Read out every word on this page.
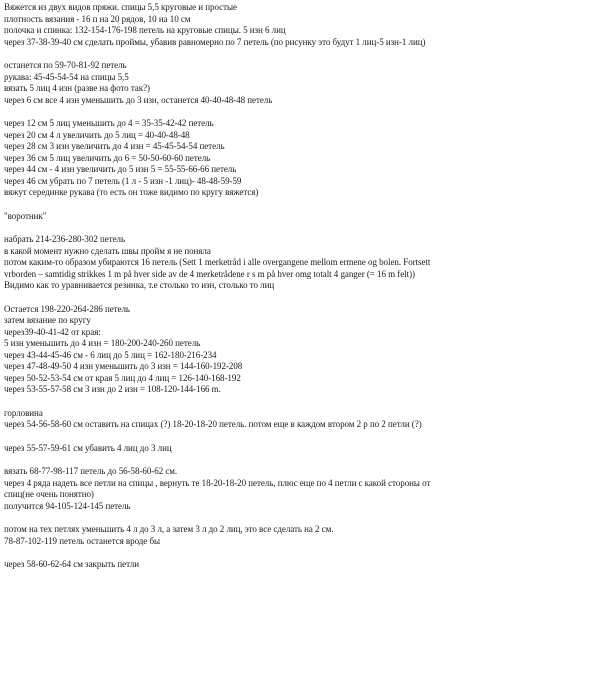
Вяжется из двух видов пряжи. спицы 5,5 круговые и простые
плотность вязания - 16 п на 20 рядов, 10 на 10 см
полочка и спинка: 132-154-176-198 петель на круговые спицы. 5 изн 6 лиц
через 37-38-39-40 см сделать проймы, убавив равномерно по 7 петель (по рисунку это будут 1 лиц-5 изн-1 лиц)
останется по 59-70-81-92 петель
рукава: 45-45-54-54 на спицы 5,5
вязать 5 лиц 4 изн (разве на фото так?)
через 6 см все 4 изн уменьшить до 3 изн, останется 40-40-48-48 петель
через 12 см 5 лиц уменьшить до 4 = 35-35-42-42 петель
через 20 см 4 л увеличить до 5 лиц = 40-40-48-48
через 28 см 3 изн увеличить до 4 изн = 45-45-54-54 петель
через 36 см 5 лиц увеличить до 6 = 50-50-60-60 петель
через 44 см - 4 изн увеличить до 5 изн 5 = 55-55-66-66 петель
через 46 см убрать по 7 петель (1 л - 5 изн -1 лиц)- 48-48-59-59
вяжут серединке рукава (то есть он тоже видимо по кругу вяжется)
"воротник"
набрать 214-236-280-302 петель
в какой момент нужно сделать швы пройм я не поняла
потом каким-то образом убираются 16 петель (Sett 1 merketråd i alle overgangene mellom ermene og bolen. Fortsett
vrborden – samtidig strikkes 1 m på hver side av de 4 merketrådene r s m på hver omg totalt 4 ganger (= 16 m felt))
Видимо как то уравнивается резинка, т.е столько то изн, столько то лиц
Остается 198-220-264-286 петель
затем вязание по кругу
через39-40-41-42 от края:
5 изн уменьшить до 4 изн = 180-200-240-260 петель
через 43-44-45-46 см - 6 лиц до 5 лиц = 162-180-216-234
через 47-48-49-50 4 изн уменьшить до 3 изн = 144-160-192-208
через 50-52-53-54 см от края 5 лиц до 4 лиц = 126-140-168-192
через 53-55-57-58 см 3 изн до 2 изн = 108-120-144-166 m.
горловина
через 54-56-58-60 см оставить на спицах (?) 18-20-18-20 петель. потом еще в каждом втором 2 р по 2 петли (?)
через 55-57-59-61 см убавить 4 лиц до 3 лиц
вязать 68-77-98-117 петель до 56-58-60-62 см.
через 4 ряда надеть все петли на спицы , вернуть те 18-20-18-20 петель, плюс еще по 4 петли с какой стороны от
спиц(не очень понятно)
получится 94-105-124-145 петель
потом на тех петлях уменьшить 4 л до 3 л, а затем 3 л до 2 лиц, это все сделать на 2 см.
78-87-102-119 петель останется вроде бы
через 58-60-62-64 см закрыть петли
